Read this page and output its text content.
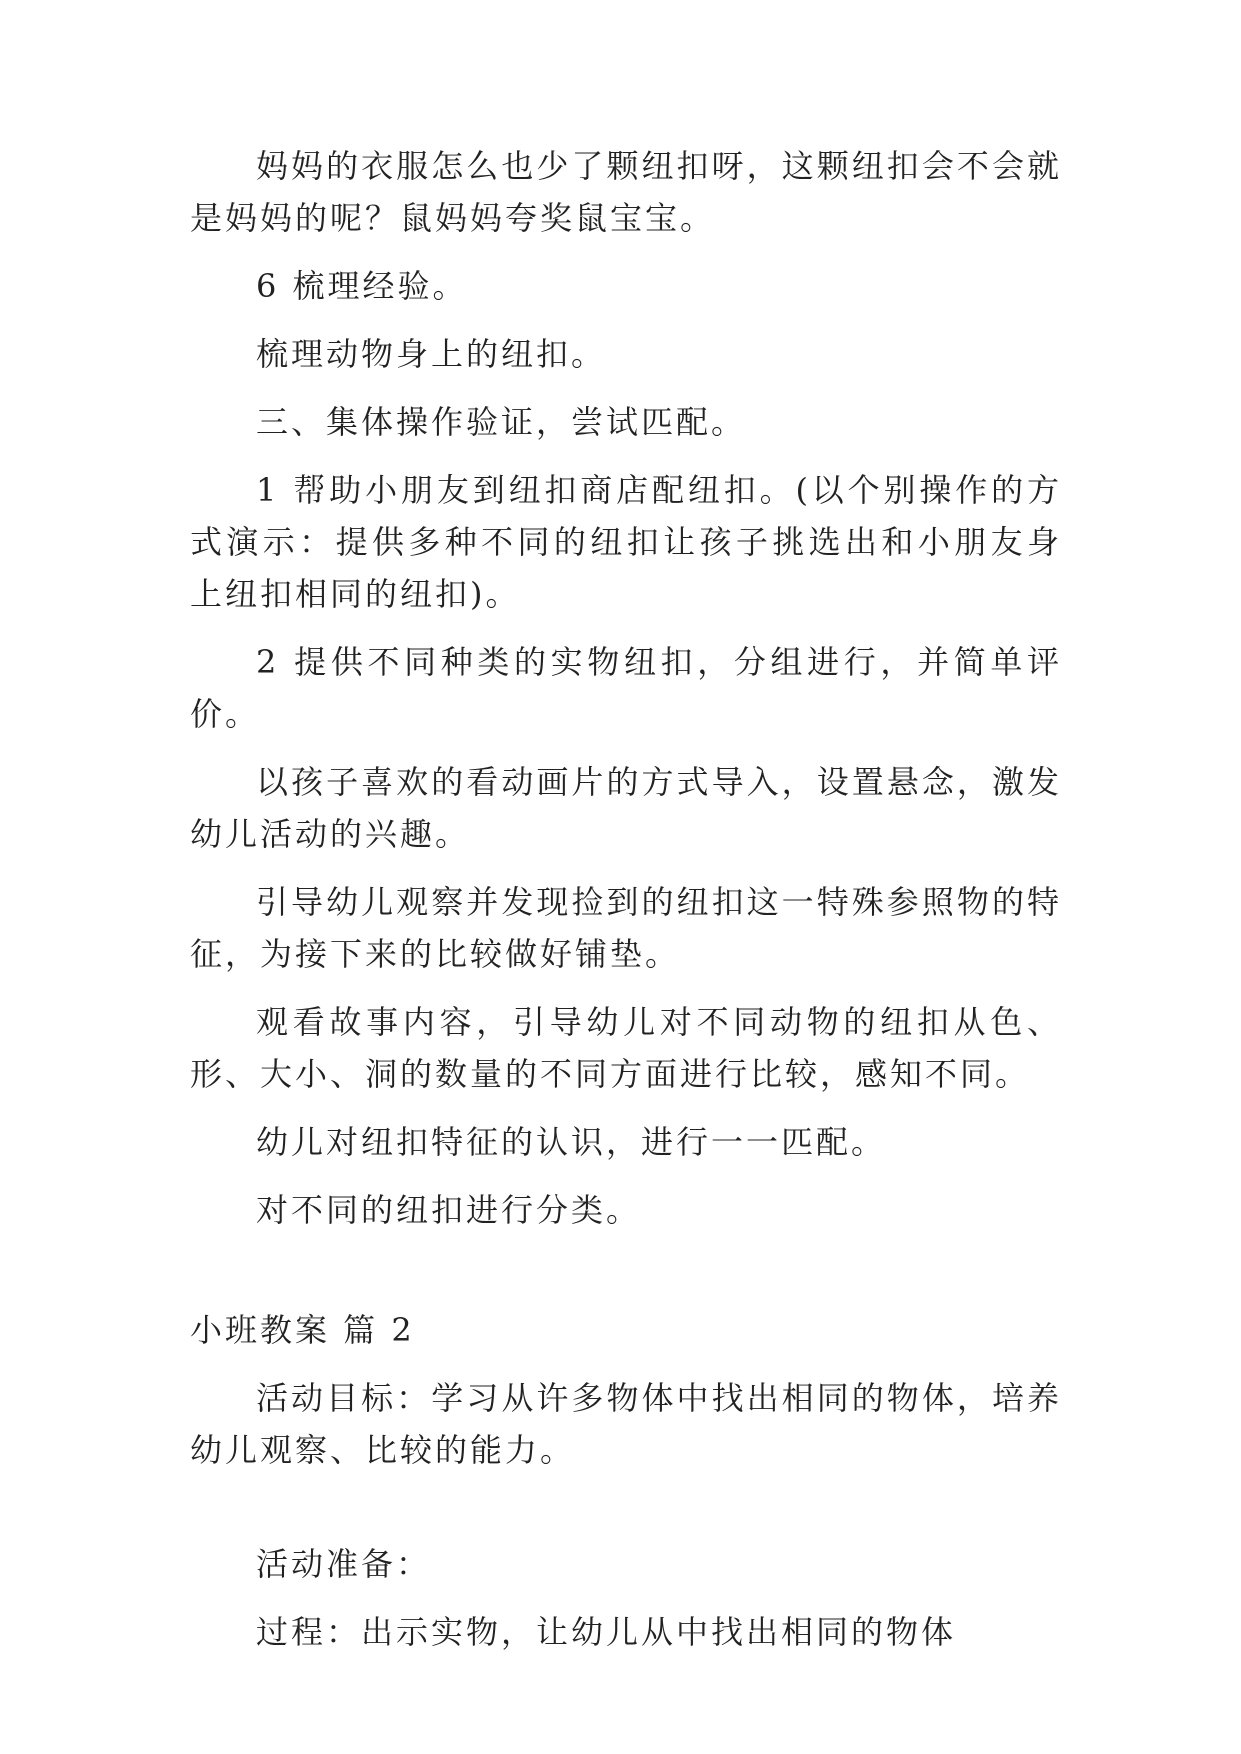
妈妈的衣服怎么也少了颗纽扣呀，这颗纽扣会不会就是妈妈的呢？鼠妈妈夸奖鼠宝宝。

6 梳理经验。

梳理动物身上的纽扣。

三、集体操作验证，尝试匹配。

1 帮助小朋友到纽扣商店配纽扣。(以个别操作的方式演示：提供多种不同的纽扣让孩子挑选出和小朋友身上纽扣相同的纽扣)。

2 提供不同种类的实物纽扣，分组进行，并简单评价。

以孩子喜欢的看动画片的方式导入，设置悬念，激发幼儿活动的兴趣。

引导幼儿观察并发现捡到的纽扣这一特殊参照物的特征，为接下来的比较做好铺垫。

观看故事内容，引导幼儿对不同动物的纽扣从色、形、大小、洞的数量的不同方面进行比较，感知不同。

幼儿对纽扣特征的认识，进行一一匹配。

对不同的纽扣进行分类。

小班教案 篇 2

活动目标：学习从许多物体中找出相同的物体，培养幼儿观察、比较的能力。

活动准备：

过程：出示实物，让幼儿从中找出相同的物体
